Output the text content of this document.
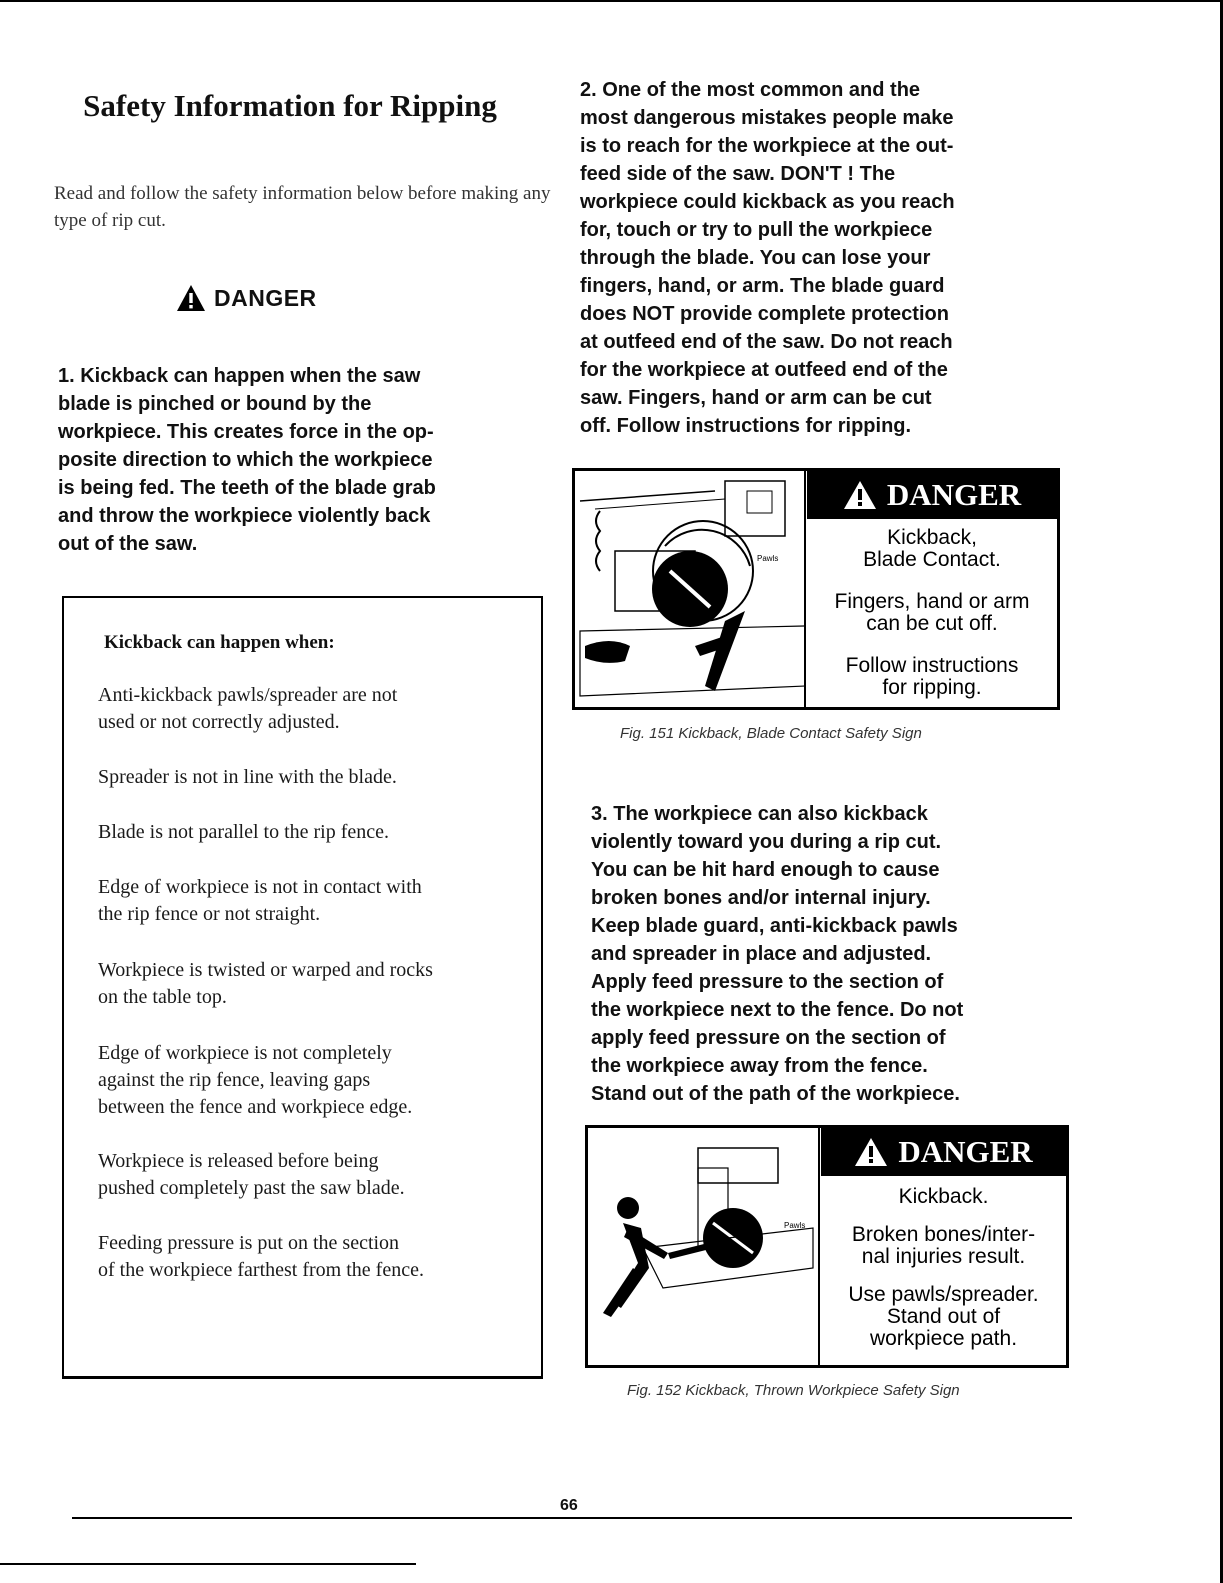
Safety Information for Ripping
Read and follow the safety information below before making any type of rip cut.
DANGER
1. Kickback can happen when the saw
blade is pinched or bound by the
workpiece. This creates force in the op-
posite direction to which the workpiece
is being fed. The teeth of the blade grab
and throw the workpiece violently back
out of the saw.
Kickback can happen when:
Anti-kickback pawls/spreader are not
used or not correctly adjusted.
Spreader is not in line with the blade.
Blade is not parallel to the rip fence.
Edge of workpiece is not in contact with
the rip fence or not straight.
Workpiece is twisted or warped and rocks
on the table top.
Edge of workpiece is not completely
against the rip fence, leaving gaps
between the fence and workpiece edge.
Workpiece is released before being
pushed completely past the saw blade.
Feeding pressure is put on the section
of the workpiece farthest from the fence.
2. One of the most common and the
most dangerous mistakes people make
is to reach for the workpiece at the out-
feed side of the saw. DON'T ! The
workpiece could kickback as you reach
for, touch or try to pull the workpiece
through the blade. You can lose your
fingers, hand, or arm. The blade guard
does NOT provide complete protection
at outfeed end of the saw. Do not reach
for the workpiece at outfeed end of the
saw. Fingers, hand or arm can be cut
off. Follow instructions for ripping.
Pawls
DANGER
Kickback,
Blade Contact.
Fingers, hand or arm
can be cut off.
Follow instructions
for ripping.
Fig. 151 Kickback, Blade Contact Safety Sign
3. The workpiece can also kickback
violently toward you during a rip cut.
You can be hit hard enough to cause
broken bones and/or internal injury.
Keep blade guard, anti-kickback pawls
and spreader in place and adjusted.
Apply feed pressure to the section of
the workpiece next to the fence. Do not
apply feed pressure on the section of
the workpiece away from the fence.
Stand out of the path of the workpiece.
Pawls
DANGER
Kickback.
Broken bones/inter-
nal injuries result.
Use pawls/spreader.
Stand out of
workpiece path.
Fig. 152 Kickback, Thrown Workpiece Safety Sign
66
